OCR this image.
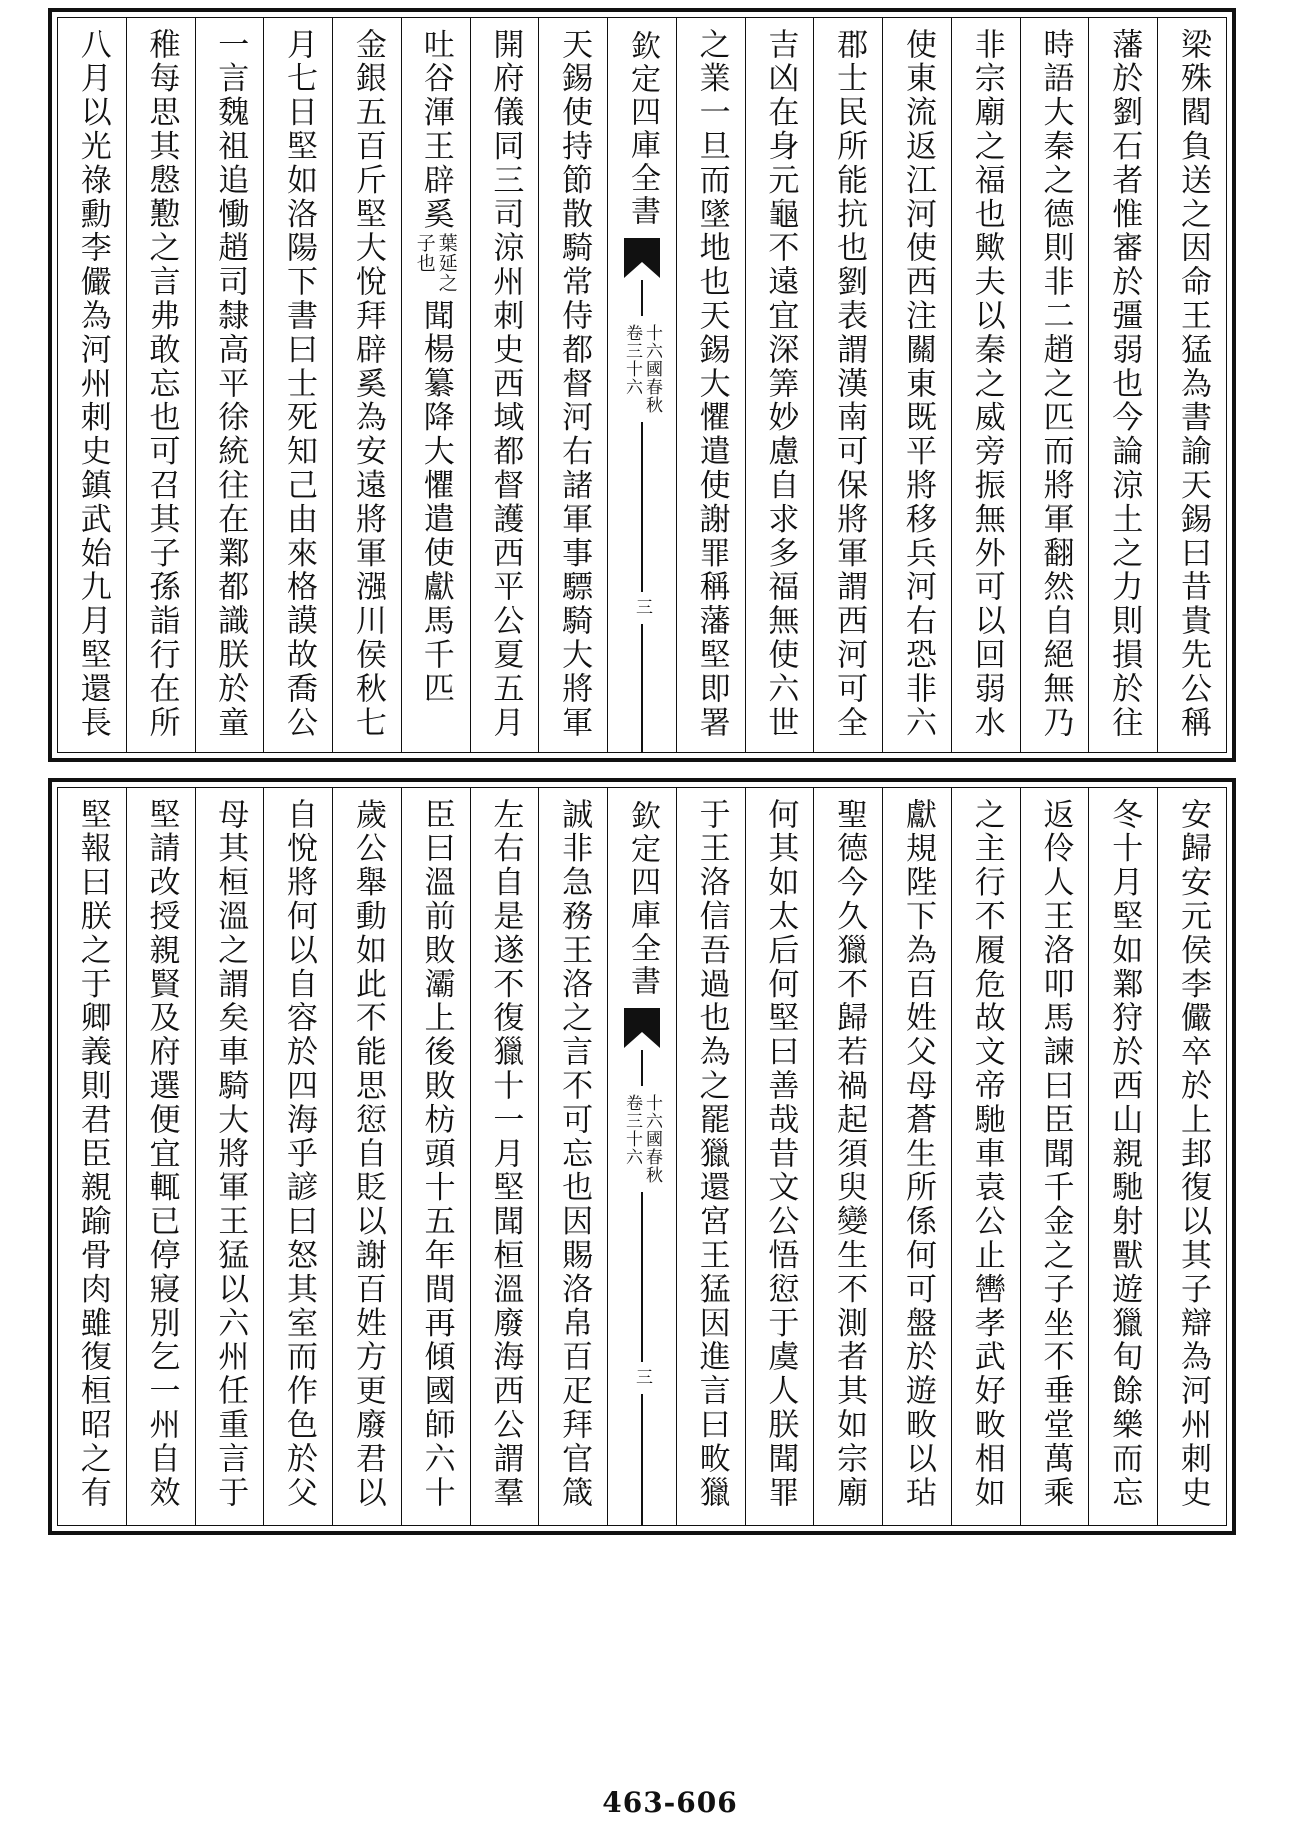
梁殊閻負送之因命王猛為書諭天錫曰昔貴先公稱
藩於劉石者惟審於彊弱也今論涼土之力則損於往
時語大秦之德則非二趙之匹而將軍翻然自絕無乃
非宗廟之福也歟夫以秦之威旁振無外可以回弱水
使東流返江河使西注關東既平將移兵河右恐非六
郡士民所能抗也劉表謂漢南可保將軍謂西河可全
吉凶在身元龜不遠宜深筭妙慮自求多福無使六世
之業一旦而墜地也天錫大懼遣使謝罪稱藩堅即署
欽定四庫全書
十六國春秋
卷三十六
三
天錫使持節散騎常侍都督河右諸軍事驃騎大將軍
開府儀同三司涼州刺史西域都督護西平公夏五月
吐谷渾王辟奚
葉延之
子也
聞楊纂降大懼遣使獻馬千匹
金銀五百斤堅大悅拜辟奚為安遠將軍漒川侯秋七
月七日堅如洛陽下書曰士死知己由來格謨故喬公
一言魏祖追慟趙司隸高平徐統往在鄴都識朕於童
稚每思其慇懃之言弗敢忘也可召其子孫詣行在所
八月以光祿勳李儼為河州刺史鎮武始九月堅還長
安歸安元侯李儼卒於上邽復以其子辯為河州刺史
冬十月堅如鄴狩於西山親馳射獸遊獵旬餘樂而忘
返伶人王洛叩馬諫曰臣聞千金之子坐不垂堂萬乘
之主行不履危故文帝馳車袁公止轡孝武好畋相如
獻規陛下為百姓父母蒼生所係何可盤於遊畋以玷
聖德今久獵不歸若禍起須臾變生不測者其如宗廟
何其如太后何堅曰善哉昔文公悟愆于虞人朕聞罪
于王洛信吾過也為之罷獵還宮王猛因進言曰畋獵
欽定四庫全書
十六國春秋
卷三十六
三
誠非急務王洛之言不可忘也因賜洛帛百疋拜官箴
左右自是遂不復獵十一月堅聞桓溫廢海西公謂羣
臣曰溫前敗灞上後敗枋頭十五年間再傾國師六十
歲公舉動如此不能思愆自貶以謝百姓方更廢君以
自悅將何以自容於四海乎諺曰怒其室而作色於父
母其桓溫之謂矣車騎大將軍王猛以六州任重言于
堅請改授親賢及府選便宜輒已停寢別乞一州自效
堅報曰朕之于卿義則君臣親踰骨肉雖復桓昭之有
463-606
